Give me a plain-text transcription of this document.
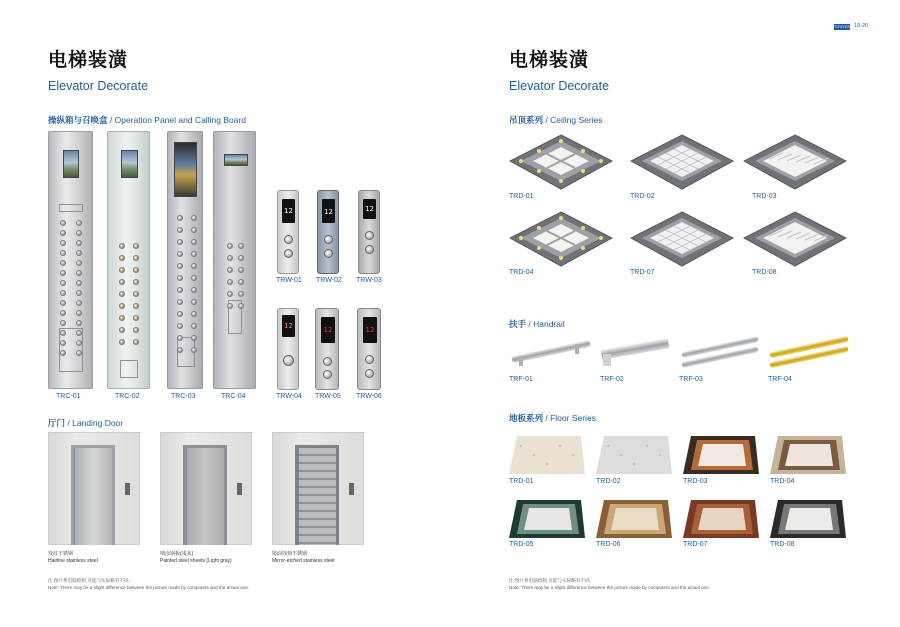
TOYO·ES 19-20
电梯装潢
Elevator Decorate
操纵箱与召唤盒 / Operation Panel and Calling Board
TRC-01	TRC-02	TRC-03	TRC-04
12	12	12
TRW-01 TRW-02 TRW-03
12	12	12
TRW-04 TRW-05 TRW-06
厅门 / Landing Door
发纹不锈钢
Hairline stainless steel
喷涂钢板(浅灰)
Painted steel sheets (Light gray)
镜面蚀刻不锈钢
Mirror-etched stainless steel
注:图片系电脑绘制,可能与实际略有不同。
Note: There may be a slight difference between the picture made by computers and the actual one.
电梯装潢
Elevator Decorate
吊顶系列 / Ceiling Series
TRD-01	TRD-02	TRD-03
TRD-04	TRD-07	TRD-08
扶手 / Handrail
TRF-01	TRF-02	TRF-03	TRF-04
地板系列 / Floor Series
TRD-01	TRD-02	TRD-03	TRD-04
TRD-05	TRD-06	TRD-07	TRD-08
注:图片系电脑绘制,可能与实际略有不同。
Note: There may be a slight difference between the picture made by computers and the actual one.
